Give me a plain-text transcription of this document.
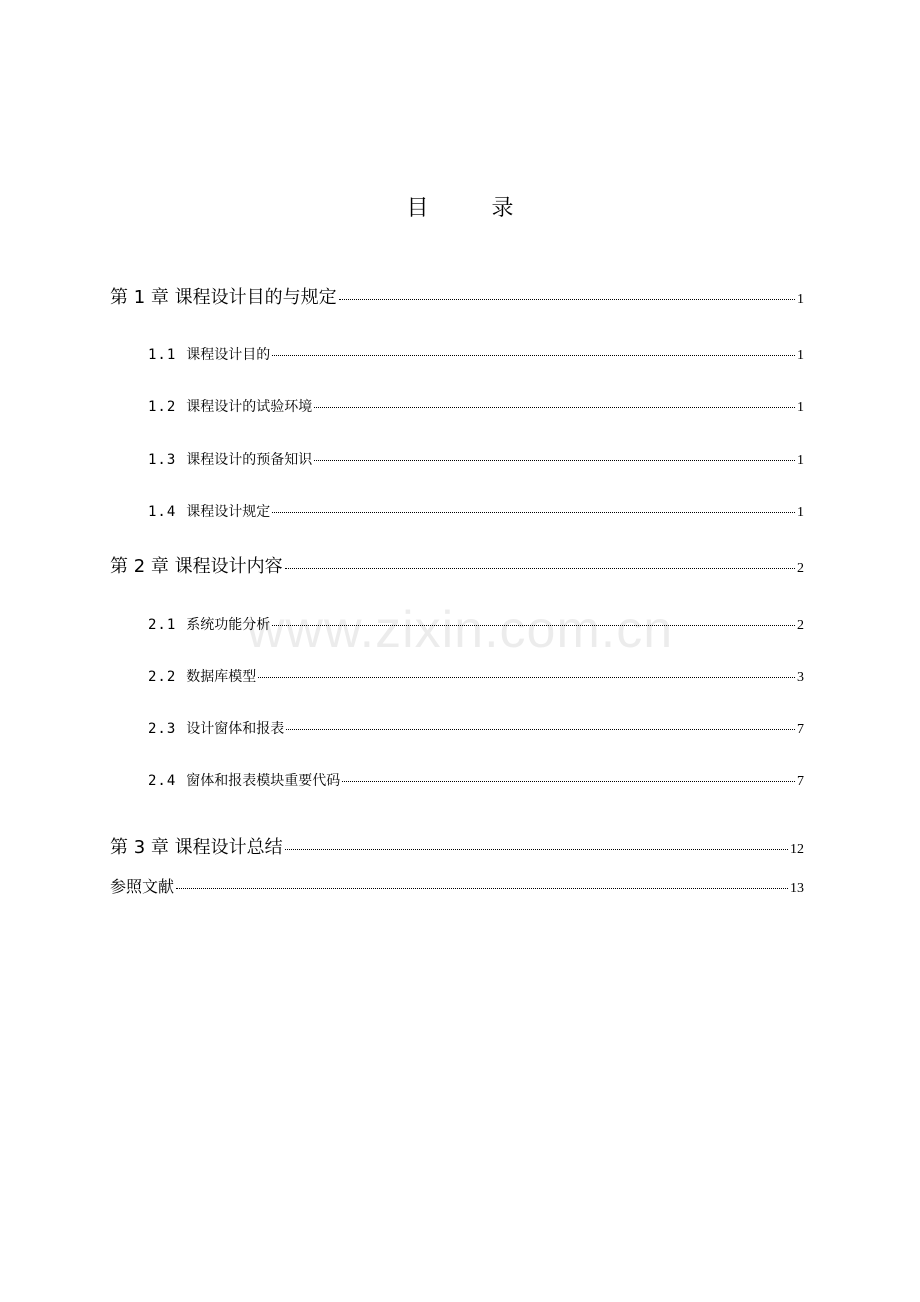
目 录
第 1 章 课程设计目的与规定	1
1.1 课程设计目的	1
1.2 课程设计的试验环境	1
1.3 课程设计的预备知识	1
1.4 课程设计规定	1
第 2 章 课程设计内容	2
2.1 系统功能分析	2
2.2 数据库模型	3
2.3 设计窗体和报表	7
2.4 窗体和报表模块重要代码	7
第 3 章 课程设计总结	12
参照文献	13
www.zixin.com.cn
